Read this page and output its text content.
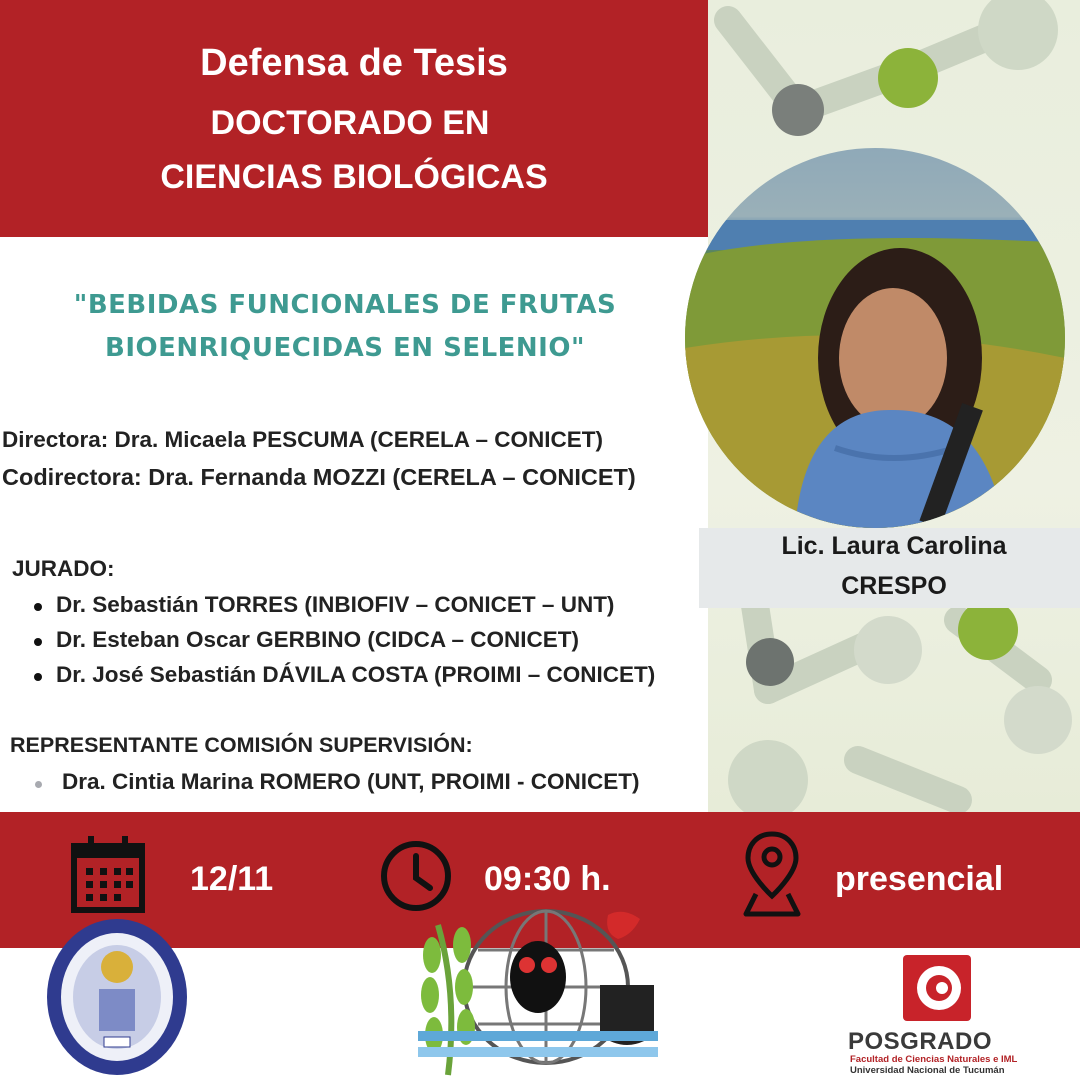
Defensa de Tesis
DOCTORADO EN
CIENCIAS BIOLÓGICAS
"BEBIDAS FUNCIONALES DE FRUTAS
BIOENRIQUECIDAS EN SELENIO"
Directora: Dra. Micaela PESCUMA (CERELA – CONICET)
Codirectora: Dra. Fernanda MOZZI (CERELA – CONICET)
JURADO:
Dr. Sebastián TORRES (INBIOFIV – CONICET – UNT)
Dr. Esteban Oscar GERBINO (CIDCA – CONICET)
Dr. José Sebastián DÁVILA COSTA (PROIMI – CONICET)
REPRESENTANTE COMISIÓN SUPERVISIÓN:
Dra. Cintia Marina ROMERO (UNT, PROIMI - CONICET)
Lic. Laura Carolina
CRESPO
12/11	09:30 h.	presencial
POSGRADO
Facultad de Ciencias Naturales e IML
Universidad Nacional de Tucumán
